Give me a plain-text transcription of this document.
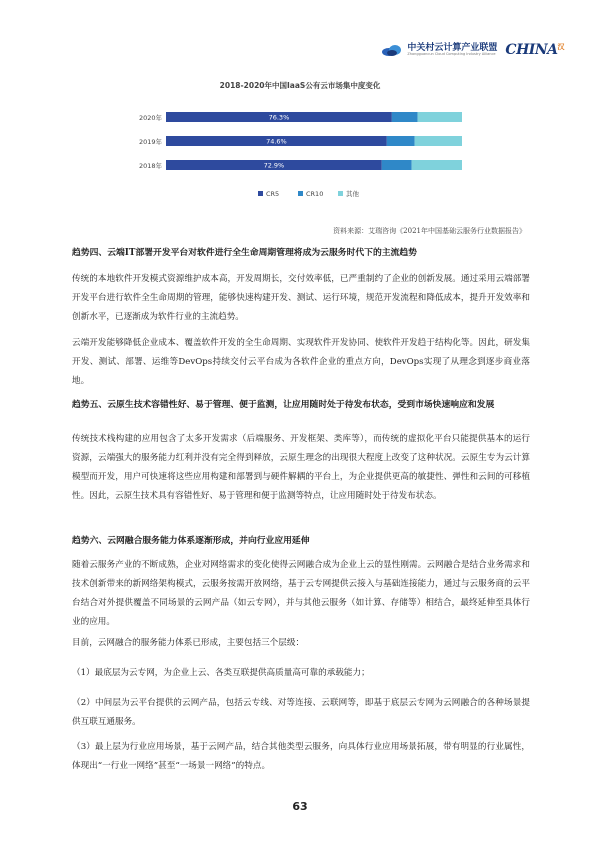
中关村云计算产业联盟
Zhongguancun Cloud Computing Industry Alliance $CHINA^汉$
2018-2020年中国IaaS公有云市场集中度变化
2020年	76.3%
2019年	74.6%
2018年	72.9%
CR5	CR10	其他
资料来源：艾瑞咨询《2021年中国基础云服务行业数据报告》
趋势四、云端IT部署开发平台对软件进行全生命周期管理将成为云服务时代下的主流趋势
传统的本地软件开发模式资源维护成本高，开发周期长，交付效率低，已严重制约了企业的创新发展。通过采用云端部署开发平台进行软件全生命周期的管理，能够快速构建开发、测试、运行环境，规范开发流程和降低成本，提升开发效率和创新水平，已逐渐成为软件行业的主流趋势。
云端开发能够降低企业成本、覆盖软件开发的全生命周期、实现软件开发协同、使软件开发趋于结构化等。因此，研发集开发、测试、部署、运维等DevOps持续交付云平台成为各软件企业的重点方向，DevOps实现了从理念到逐步商业落地。
趋势五、云原生技术容错性好、易于管理、便于监测，让应用随时处于待发布状态，受到市场快速响应和发展
传统技术栈构建的应用包含了太多开发需求（后端服务、开发框架、类库等），而传统的虚拟化平台只能提供基本的运行资源，云端强大的服务能力红利并没有完全得到释放，云原生理念的出现很大程度上改变了这种状况。云原生专为云计算模型而开发，用户可快速将这些应用构建和部署到与硬件解耦的平台上，为企业提供更高的敏捷性、弹性和云间的可移植性。因此，云原生技术具有容错性好、易于管理和便于监测等特点，让应用随时处于待发布状态。
趋势六、云网融合服务能力体系逐渐形成，并向行业应用延伸
随着云服务产业的不断成熟，企业对网络需求的变化使得云网融合成为企业上云的显性刚需。云网融合是结合业务需求和技术创新带来的新网络架构模式，云服务按需开放网络，基于云专网提供云接入与基础连接能力，通过与云服务商的云平台结合对外提供覆盖不同场景的云网产品（如云专网），并与其他云服务（如计算、存储等）相结合，最终延伸至具体行业的应用。
目前，云网融合的服务能力体系已形成，主要包括三个层级：
（1）最底层为云专网，为企业上云、各类互联提供高质量高可靠的承载能力；
（2）中间层为云平台提供的云网产品，包括云专线、对等连接、云联网等，即基于底层云专网为云网融合的各种场景提供互联互通服务。
（3）最上层为行业应用场景，基于云网产品，结合其他类型云服务，向具体行业应用场景拓展，带有明显的行业属性，体现出“一行业一网络”甚至“一场景一网络”的特点。
63
